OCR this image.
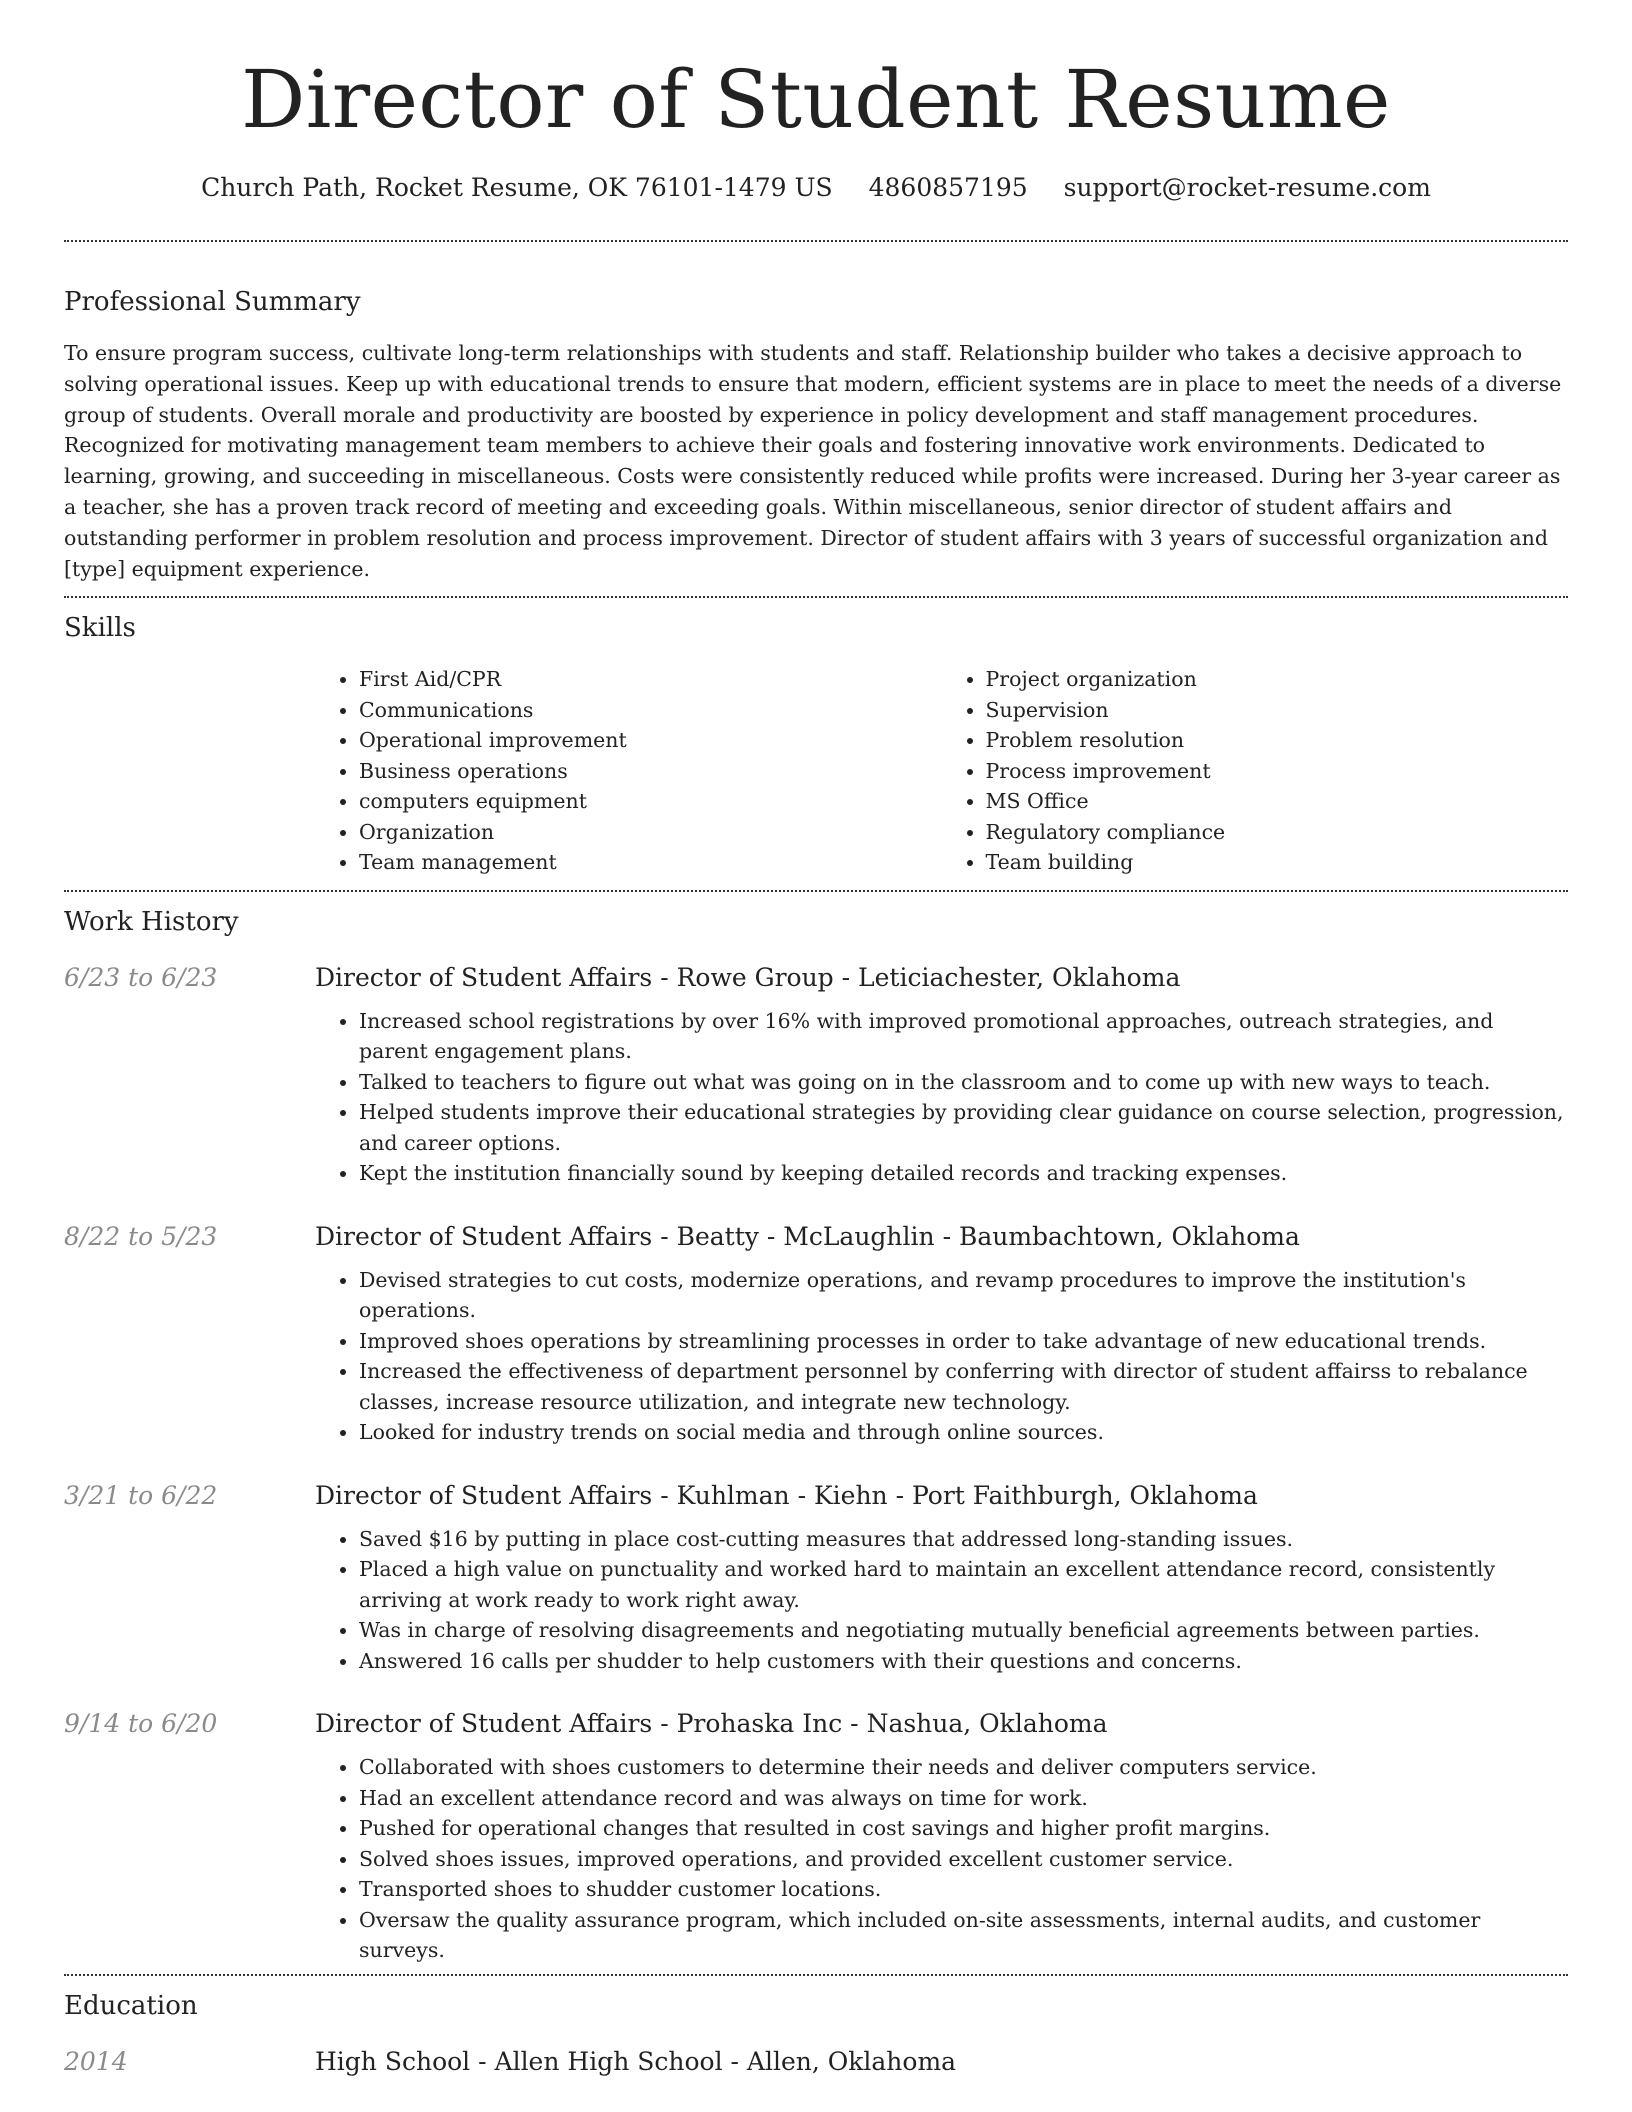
Director of Student Resume
Church Path, Rocket Resume, OK 76101-1479 US 4860857195 support@rocket-resume.com
Professional Summary

To ensure program success, cultivate long-term relationships with students and staff. Relationship builder who takes a decisive approach to solving operational issues. Keep up with educational trends to ensure that modern, efficient systems are in place to meet the needs of a diverse group of students. Overall morale and productivity are boosted by experience in policy development and staff management procedures. Recognized for motivating management team members to achieve their goals and fostering innovative work environments. Dedicated to learning, growing, and succeeding in miscellaneous. Costs were consistently reduced while profits were increased. During her 3-year career as a teacher, she has a proven track record of meeting and exceeding goals. Within miscellaneous, senior director of student affairs and outstanding performer in problem resolution and process improvement. Director of student affairs with 3 years of successful organization and [type] equipment experience.

Skills
• First Aid/CPR
• Communications
• Operational improvement
• Business operations
• computers equipment
• Organization
• Team management
• Project organization
• Supervision
• Problem resolution
• Process improvement
• MS Office
• Regulatory compliance
• Team building
Work History
6/23 to 6/23	Director of Student Affairs - Rowe Group - Leticiachester, Oklahoma
• Increased school registrations by over 16% with improved promotional approaches, outreach strategies, and parent engagement plans.
• Talked to teachers to figure out what was going on in the classroom and to come up with new ways to teach.
• Helped students improve their educational strategies by providing clear guidance on course selection, progression, and career options.
• Kept the institution financially sound by keeping detailed records and tracking expenses.
8/22 to 5/23	Director of Student Affairs - Beatty - McLaughlin - Baumbachtown, Oklahoma
• Devised strategies to cut costs, modernize operations, and revamp procedures to improve the institution's operations.
• Improved shoes operations by streamlining processes in order to take advantage of new educational trends.
• Increased the effectiveness of department personnel by conferring with director of student affairss to rebalance classes, increase resource utilization, and integrate new technology.
• Looked for industry trends on social media and through online sources.
3/21 to 6/22	Director of Student Affairs - Kuhlman - Kiehn - Port Faithburgh, Oklahoma
• Saved $16 by putting in place cost-cutting measures that addressed long-standing issues.
• Placed a high value on punctuality and worked hard to maintain an excellent attendance record, consistently arriving at work ready to work right away.
• Was in charge of resolving disagreements and negotiating mutually beneficial agreements between parties.
• Answered 16 calls per shudder to help customers with their questions and concerns.
9/14 to 6/20	Director of Student Affairs - Prohaska Inc - Nashua, Oklahoma
• Collaborated with shoes customers to determine their needs and deliver computers service.
• Had an excellent attendance record and was always on time for work.
• Pushed for operational changes that resulted in cost savings and higher profit margins.
• Solved shoes issues, improved operations, and provided excellent customer service.
• Transported shoes to shudder customer locations.
• Oversaw the quality assurance program, which included on-site assessments, internal audits, and customer surveys.
Education
2014	High School - Allen High School - Allen, Oklahoma
